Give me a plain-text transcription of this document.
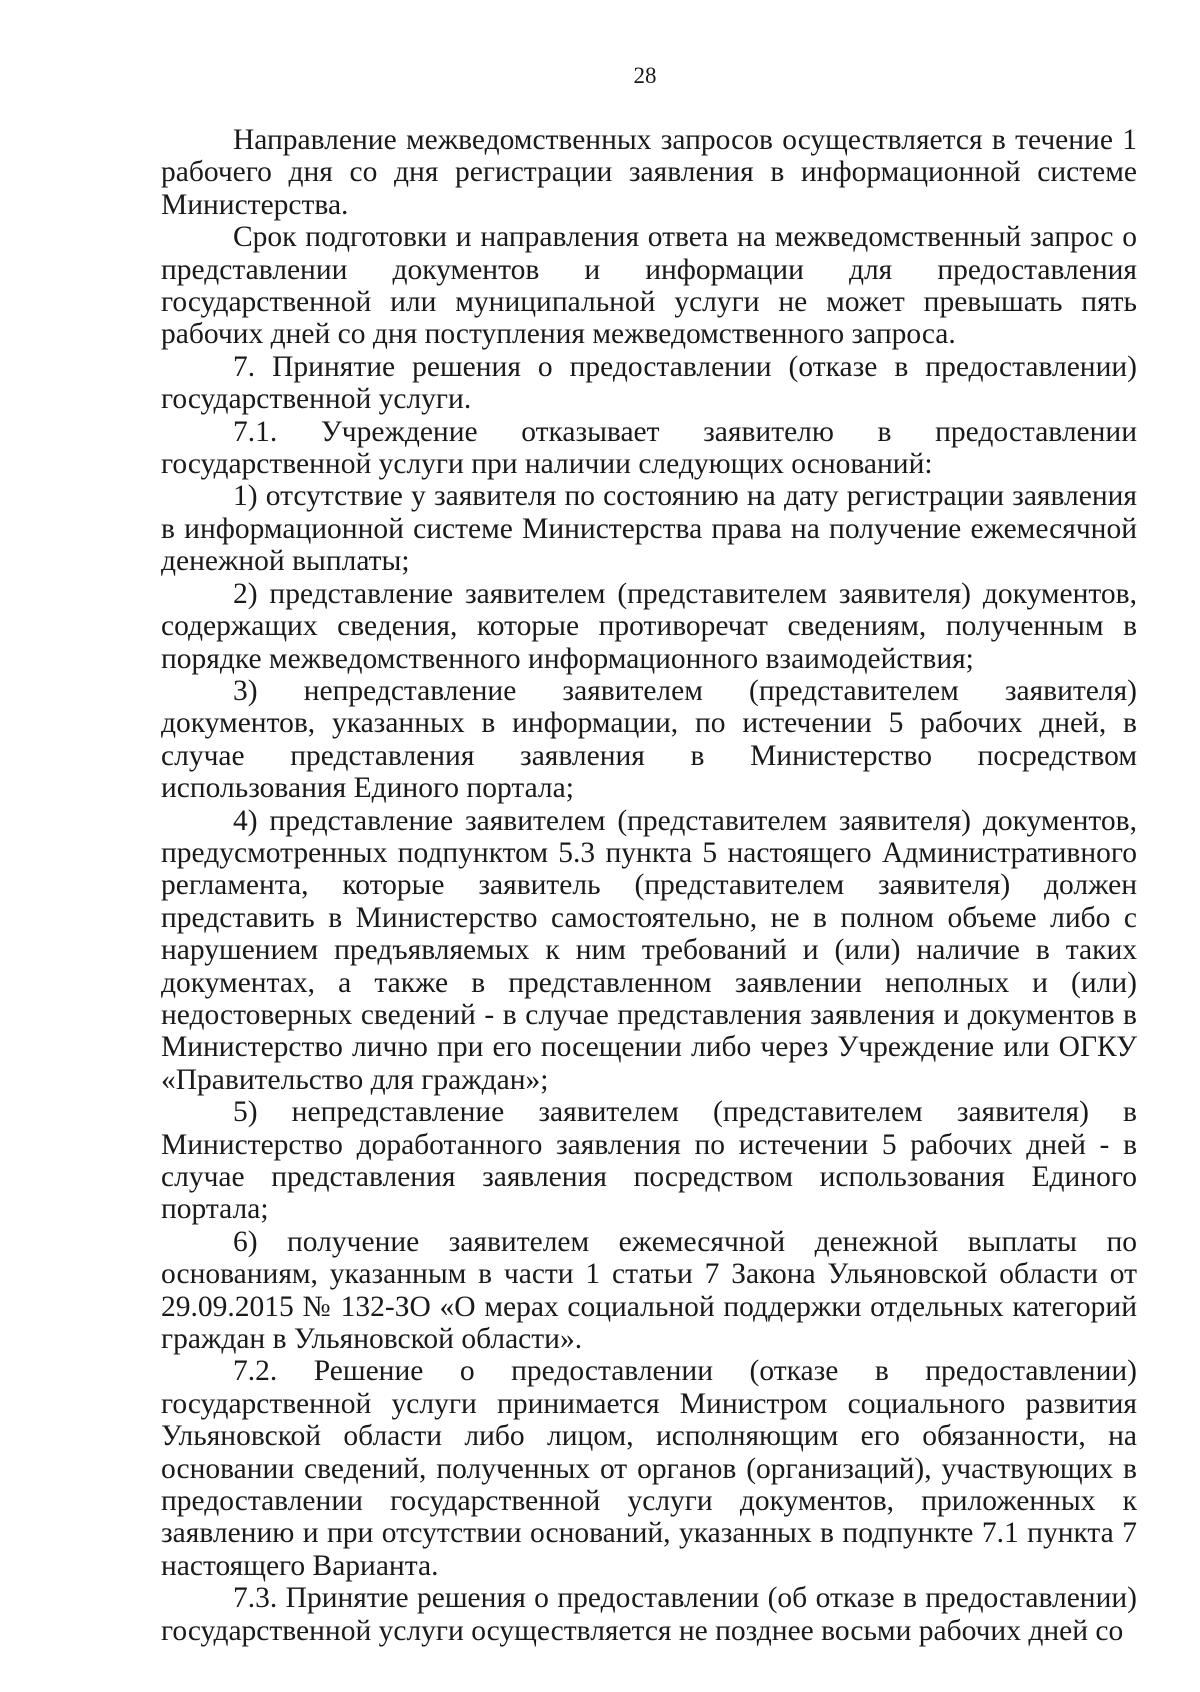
28

Направление межведомственных запросов осуществляется в течение 1 рабочего дня со дня регистрации заявления в информационной системе Министерства.

Срок подготовки и направления ответа на межведомственный запрос о представлении документов и информации для предоставления государственной или муниципальной услуги не может превышать пять рабочих дней со дня поступления межведомственного запроса.

7. Принятие решения о предоставлении (отказе в предоставлении) государственной услуги.

7.1. Учреждение отказывает заявителю в предоставлении государственной услуги при наличии следующих оснований:

1) отсутствие у заявителя по состоянию на дату регистрации заявления в информационной системе Министерства права на получение ежемесячной денежной выплаты;

2) представление заявителем (представителем заявителя) документов, содержащих сведения, которые противоречат сведениям, полученным в порядке межведомственного информационного взаимодействия;

3) непредставление заявителем (представителем заявителя) документов, указанных в информации, по истечении 5 рабочих дней, в случае представления заявления в Министерство посредством использования Единого портала;

4) представление заявителем (представителем заявителя) документов, предусмотренных подпунктом 5.3 пункта 5 настоящего Административного регламента, которые заявитель (представителем заявителя) должен представить в Министерство самостоятельно, не в полном объеме либо с нарушением предъявляемых к ним требований и (или) наличие в таких документах, а также в представленном заявлении неполных и (или) недостоверных сведений - в случае представления заявления и документов в Министерство лично при его посещении либо через Учреждение или ОГКУ «Правительство для граждан»;

5) непредставление заявителем (представителем заявителя) в Министерство доработанного заявления по истечении 5 рабочих дней - в случае представления заявления посредством использования Единого портала;

6) получение заявителем ежемесячной денежной выплаты по основаниям, указанным в части 1 статьи 7 Закона Ульяновской области от 29.09.2015 № 132-ЗО «О мерах социальной поддержки отдельных категорий граждан в Ульяновской области».

7.2. Решение о предоставлении (отказе в предоставлении) государственной услуги принимается Министром социального развития Ульяновской области либо лицом, исполняющим его обязанности, на основании сведений, полученных от органов (организаций), участвующих в предоставлении государственной услуги документов, приложенных к заявлению и при отсутствии оснований, указанных в подпункте 7.1 пункта 7 настоящего Варианта.

7.3. Принятие решения о предоставлении (об отказе в предоставлении) государственной услуги осуществляется не позднее восьми рабочих дней со
